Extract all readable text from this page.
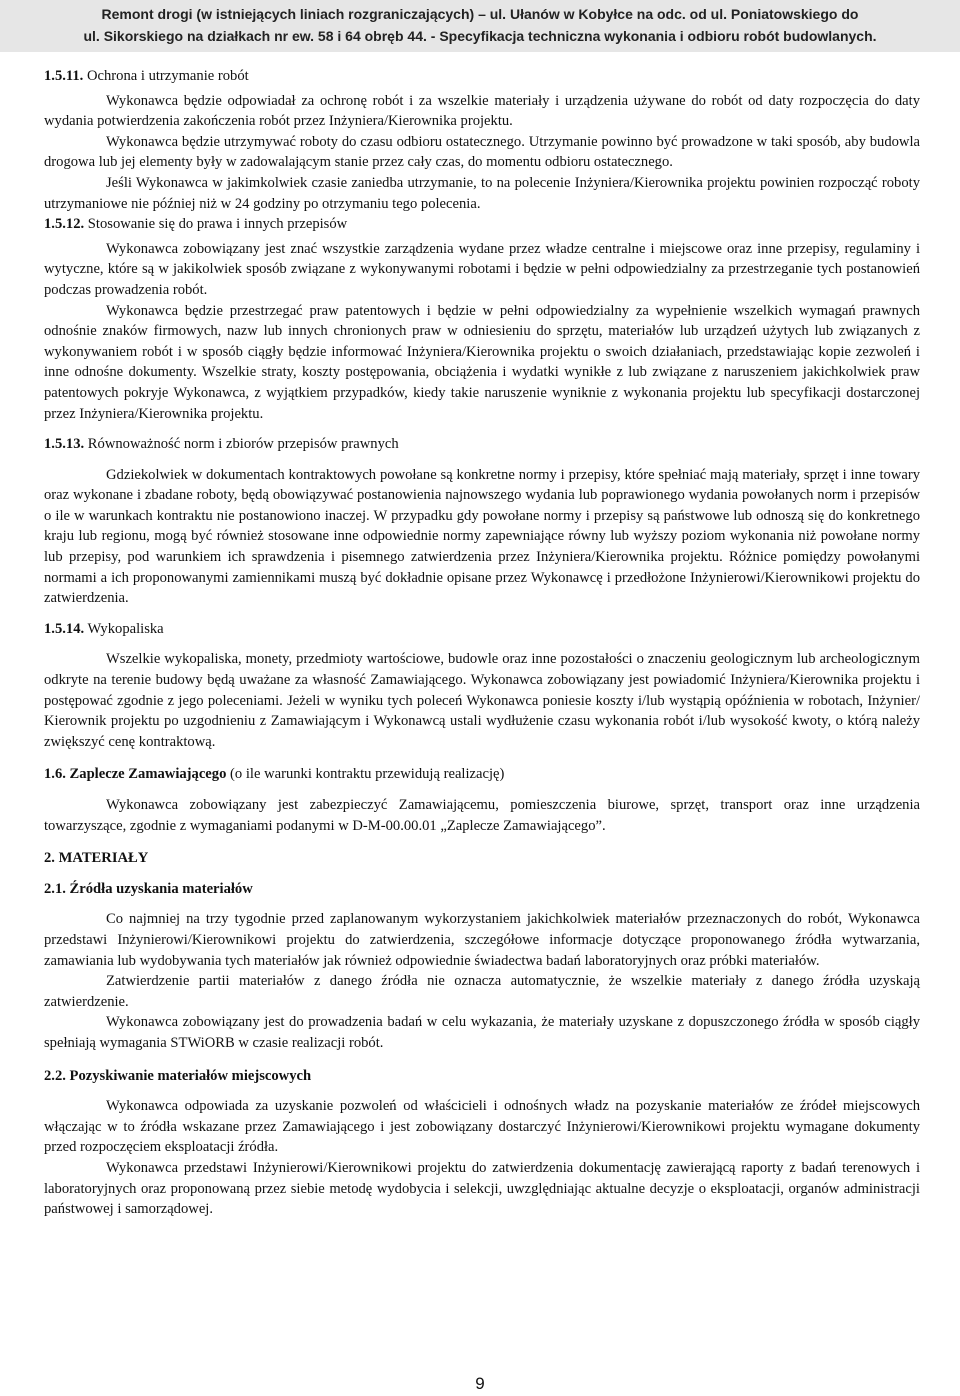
Remont drogi (w istniejących liniach rozgraniczających) – ul. Ułanów w Kobyłce na odc. od ul. Poniatowskiego do
ul. Sikorskiego na działkach nr ew. 58 i 64 obręb 44. - Specyfikacja techniczna wykonania i odbioru robót budowlanych.

1.5.11. Ochrona i utrzymanie robót

Wykonawca będzie odpowiadał za ochronę robót i za wszelkie materiały i urządzenia używane do robót od daty rozpoczęcia do daty wydania potwierdzenia zakończenia robót przez Inżyniera/Kierownika projektu.

Wykonawca będzie utrzymywać roboty do czasu odbioru ostatecznego. Utrzymanie powinno być prowadzone w taki sposób, aby budowla drogowa lub jej elementy były w zadowalającym stanie przez cały czas, do momentu odbioru ostatecznego.

Jeśli Wykonawca w jakimkolwiek czasie zaniedba utrzymanie, to na polecenie Inżyniera/Kierownika projektu powinien rozpocząć roboty utrzymaniowe nie później niż w 24 godziny po otrzymaniu tego polecenia.

1.5.12. Stosowanie się do prawa i innych przepisów

Wykonawca zobowiązany jest znać wszystkie zarządzenia wydane przez władze centralne i miejscowe oraz inne przepisy, regulaminy i wytyczne, które są w jakikolwiek sposób związane z wykonywanymi robotami i będzie w pełni odpowiedzialny za przestrzeganie tych postanowień podczas prowadzenia robót.

Wykonawca będzie przestrzegać praw patentowych i będzie w pełni odpowiedzialny za wypełnienie wszelkich wymagań prawnych odnośnie znaków firmowych, nazw lub innych chronionych praw w odniesieniu do sprzętu, materiałów lub urządzeń użytych lub związanych z wykonywaniem robót i w sposób ciągły będzie informować Inżyniera/Kierownika projektu o swoich działaniach, przedstawiając kopie zezwoleń i inne odnośne dokumenty. Wszelkie straty, koszty postępowania, obciążenia i wydatki wynikłe z lub związane z naruszeniem jakichkolwiek praw patentowych pokryje Wykonawca, z wyjątkiem przypadków, kiedy takie naruszenie wyniknie z wykonania projektu lub specyfikacji dostarczonej przez Inżyniera/Kierownika projektu.

1.5.13. Równoważność norm i zbiorów przepisów prawnych

Gdziekolwiek w dokumentach kontraktowych powołane są konkretne normy i przepisy, które spełniać mają materiały, sprzęt i inne towary oraz wykonane i zbadane roboty, będą obowiązywać postanowienia najnowszego wydania lub poprawionego wydania powołanych norm i przepisów o ile w warunkach kontraktu nie postanowiono inaczej. W przypadku gdy powołane normy i przepisy są państwowe lub odnoszą się do konkretnego kraju lub regionu, mogą być również stosowane inne odpowiednie normy zapewniające równy lub wyższy poziom wykonania niż powołane normy lub przepisy, pod warunkiem ich sprawdzenia i pisemnego zatwierdzenia przez Inżyniera/Kierownika projektu. Różnice pomiędzy powołanymi normami a ich proponowanymi zamiennikami muszą być dokładnie opisane przez Wykonawcę i przedłożone Inżynierowi/Kierownikowi projektu do zatwierdzenia.

1.5.14. Wykopaliska

Wszelkie wykopaliska, monety, przedmioty wartościowe, budowle oraz inne pozostałości o znaczeniu geologicznym lub archeologicznym odkryte na terenie budowy będą uważane za własność Zamawiającego. Wykonawca zobowiązany jest powiadomić Inżyniera/Kierownika projektu i postępować zgodnie z jego poleceniami. Jeżeli w wyniku tych poleceń Wykonawca poniesie koszty i/lub wystąpią opóźnienia w robotach, Inżynier/ Kierownik projektu po uzgodnieniu z Zamawiającym i Wykonawcą ustali wydłużenie czasu wykonania robót i/lub wysokość kwoty, o którą należy zwiększyć cenę kontraktową.

1.6. Zaplecze Zamawiającego (o ile warunki kontraktu przewidują realizację)

Wykonawca zobowiązany jest zabezpieczyć Zamawiającemu, pomieszczenia biurowe, sprzęt, transport oraz inne urządzenia towarzyszące, zgodnie z wymaganiami podanymi w D-M-00.00.01 „Zaplecze Zamawiającego”.

2. MATERIAŁY

2.1. Źródła uzyskania materiałów

Co najmniej na trzy tygodnie przed zaplanowanym wykorzystaniem jakichkolwiek materiałów przeznaczonych do robót, Wykonawca przedstawi Inżynierowi/Kierownikowi projektu do zatwierdzenia, szczegółowe informacje dotyczące proponowanego źródła wytwarzania, zamawiania lub wydobywania tych materiałów jak również odpowiednie świadectwa badań laboratoryjnych oraz próbki materiałów.

Zatwierdzenie partii materiałów z danego źródła nie oznacza automatycznie, że wszelkie materiały z danego źródła uzyskają zatwierdzenie.

Wykonawca zobowiązany jest do prowadzenia badań w celu wykazania, że materiały uzyskane z dopuszczonego źródła w sposób ciągły spełniają wymagania STWiORB w czasie realizacji robót.

2.2. Pozyskiwanie materiałów miejscowych

Wykonawca odpowiada za uzyskanie pozwoleń od właścicieli i odnośnych władz na pozyskanie materiałów ze źródeł miejscowych włączając w to źródła wskazane przez Zamawiającego i jest zobowiązany dostarczyć Inżynierowi/Kierownikowi projektu wymagane dokumenty przed rozpoczęciem eksploatacji źródła.

Wykonawca przedstawi Inżynierowi/Kierownikowi projektu do zatwierdzenia dokumentację zawierającą raporty z badań terenowych i laboratoryjnych oraz proponowaną przez siebie metodę wydobycia i selekcji, uwzględniając aktualne decyzje o eksploatacji, organów administracji państwowej i samorządowej.

9
